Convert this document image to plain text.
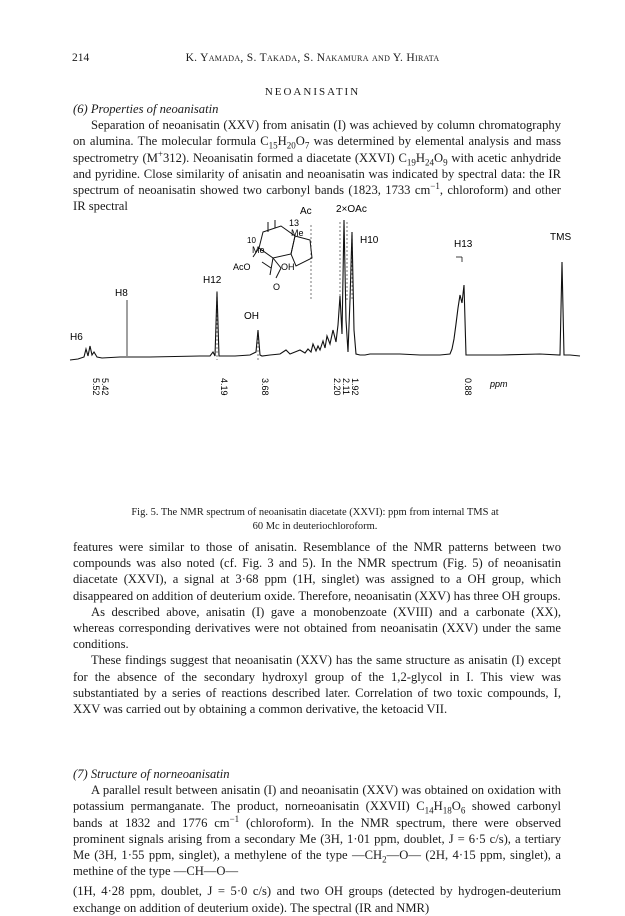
214	K. Yamada, S. Takada, S. Nakamura and Y. Hirata
NEOANISATIN

(6) Properties of neoanisatin

Separation of neoanisatin (XXV) from anisatin (I) was achieved by column chromatography on alumina. The molecular formula $C_{15}H_{20}O_7$ was determined by elemental analysis and mass spectrometry (M+312). Neoanisatin formed a diacetate (XXVI) $C_{19}H_{24}O_9$ with acetic anhydride and pyridine. Close similarity of anisatin and neoanisatin was indicated by spectral data: the IR spectrum of neoanisatin showed two carbonyl bands (1823, 1733 $cm^{-1}$, chloroform) and other IR spectral	Ac 2×OAc
H10	TMS
H13
H12
H8
OH
H6
13
Me
10
Me
AcO	OH
O
5.52 5.42	4.19	3.68	2.20 2.11 1.92	0.88 ppm
Fig. 5. The NMR spectrum of neoanisatin diacetate (XXVI): ppm from internal TMS at
60 Mc in deuteriochloroform.

features were similar to those of anisatin. Resemblance of the NMR patterns between two compounds was also noted (cf. Fig. 3 and 5). In the NMR spectrum (Fig. 5) of neoanisatin diacetate (XXVI), a signal at 3·68 ppm (1H, singlet) was assigned to a OH group, which disappeared on addition of deuterium oxide. Therefore, neoanisatin (XXV) has three OH groups.

As described above, anisatin (I) gave a monobenzoate (XVIII) and a carbonate (XX), whereas corresponding derivatives were not obtained from neoanisatin (XXV) under the same conditions.

These findings suggest that neoanisatin (XXV) has the same structure as anisatin (I) except for the absence of the secondary hydroxyl group of the 1,2-glycol in I. This view was substantiated by a series of reactions described later. Correlation of two toxic compounds, I, XXV was carried out by obtaining a common derivative, the ketoacid VII.

(7) Structure of norneoanisatin

A parallel result between anisatin (I) and neoanisatin (XXV) was obtained on oxidation with potassium permanganate. The product, norneoanisatin (XXVII) $C_{14}H_{18}O_6$ showed carbonyl bands at 1832 and 1776 $cm^{-1}$ (chloroform). In the NMR spectrum, there were observed prominent signals arising from a secondary Me (3H, 1·01 ppm, doublet, J = 6·5 c/s), a tertiary Me (3H, 1·55 ppm, singlet), a methylene of the type $—CH_2—O—$ (2H, 4·15 ppm, singlet), a methine of the type —CH—O—

(1H, 4·28 ppm, doublet, J = 5·0 c/s) and two OH groups (detected by hydrogen-deuterium exchange on addition of deuterium oxide). The spectral (IR and NMR)
